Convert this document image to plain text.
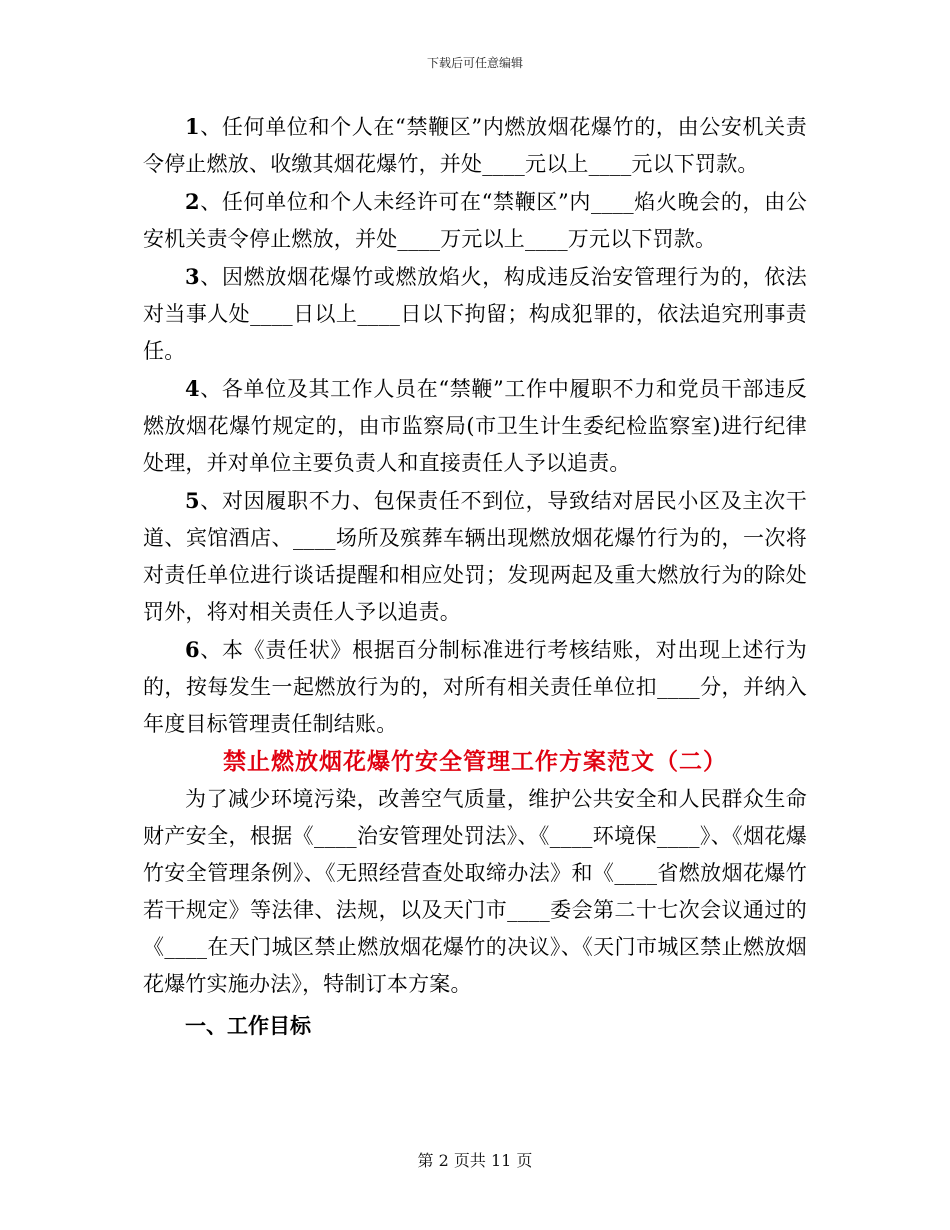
下载后可任意编辑

1、任何单位和个人在“禁鞭区”内燃放烟花爆竹的，由公安机关责令停止燃放、收缴其烟花爆竹，并处____元以上____元以下罚款。

2、任何单位和个人未经许可在“禁鞭区”内____焰火晚会的，由公安机关责令停止燃放，并处____万元以上____万元以下罚款。

3、因燃放烟花爆竹或燃放焰火，构成违反治安管理行为的，依法对当事人处____日以上____日以下拘留；构成犯罪的，依法追究刑事责任。

4、各单位及其工作人员在“禁鞭”工作中履职不力和党员干部违反燃放烟花爆竹规定的，由市监察局(市卫生计生委纪检监察室)进行纪律处理，并对单位主要负责人和直接责任人予以追责。

5、对因履职不力、包保责任不到位，导致结对居民小区及主次干道、宾馆酒店、____场所及殡葬车辆出现燃放烟花爆竹行为的，一次将对责任单位进行谈话提醒和相应处罚；发现两起及重大燃放行为的除处罚外，将对相关责任人予以追责。

6、本《责任状》根据百分制标准进行考核结账，对出现上述行为的，按每发生一起燃放行为的，对所有相关责任单位扣____分，并纳入年度目标管理责任制结账。

禁止燃放烟花爆竹安全管理工作方案范文（二）

为了减少环境污染，改善空气质量，维护公共安全和人民群众生命财产安全，根据《____治安管理处罚法》、《____环境保____》、《烟花爆竹安全管理条例》、《无照经营查处取缔办法》和《____省燃放烟花爆竹若干规定》等法律、法规，以及天门市____委会第二十七次会议通过的《____在天门城区禁止燃放烟花爆竹的决议》、《天门市城区禁止燃放烟花爆竹实施办法》，特制订本方案。

一、工作目标
第 2 页共 11 页
